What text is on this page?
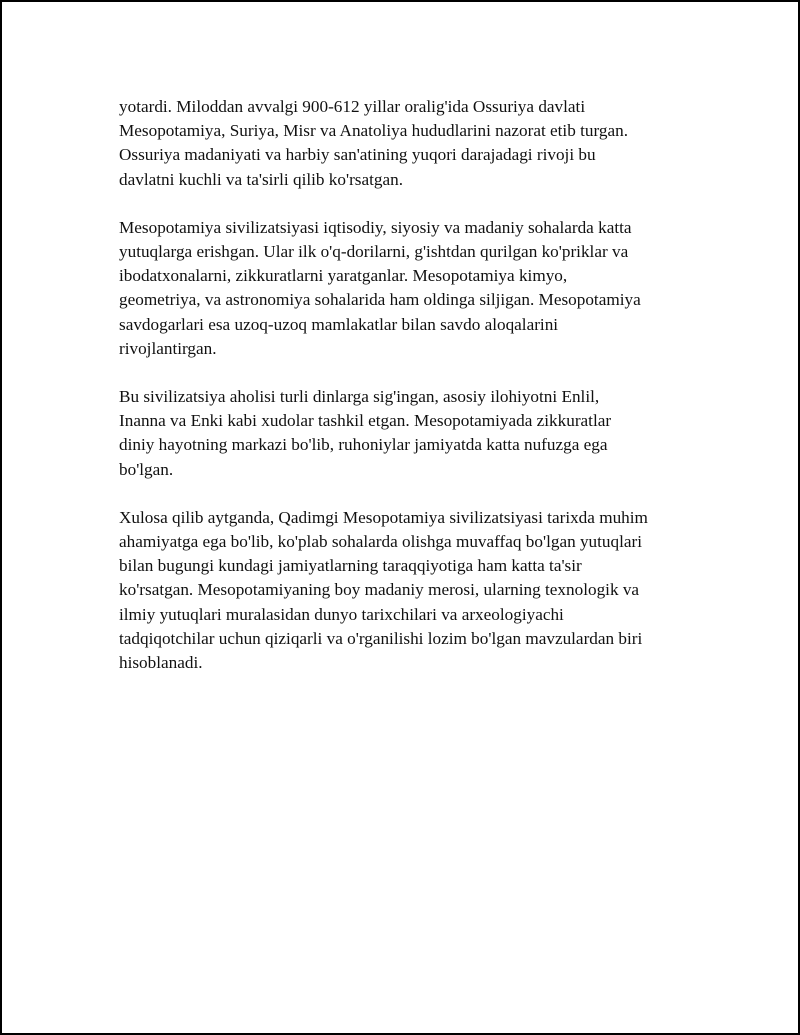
yotardi. Miloddan avvalgi 900-612 yillar oralig'ida Ossuriya davlati
Mesopotamiya, Suriya, Misr va Anatoliya hududlarini nazorat etib turgan.
Ossuriya madaniyati va harbiy san'atining yuqori darajadagi rivoji bu
davlatni kuchli va ta'sirli qilib ko'rsatgan.

Mesopotamiya sivilizatsiyasi iqtisodiy, siyosiy va madaniy sohalarda katta
yutuqlarga erishgan. Ular ilk o'q-dorilarni, g'ishtdan qurilgan ko'priklar va
ibodatxonalarni, zikkuratlarni yaratganlar. Mesopotamiya kimyo,
geometriya, va astronomiya sohalarida ham oldinga siljigan. Mesopotamiya
savdogarlari esa uzoq-uzoq mamlakatlar bilan savdo aloqalarini
rivojlantirgan.

Bu sivilizatsiya aholisi turli dinlarga sig'ingan, asosiy ilohiyotni Enlil,
Inanna va Enki kabi xudolar tashkil etgan. Mesopotamiyada zikkuratlar
diniy hayotning markazi bo'lib, ruhoniylar jamiyatda katta nufuzga ega
bo'lgan.

Xulosa qilib aytganda, Qadimgi Mesopotamiya sivilizatsiyasi tarixda muhim
ahamiyatga ega bo'lib, ko'plab sohalarda olishga muvaffaq bo'lgan yutuqlari
bilan bugungi kundagi jamiyatlarning taraqqiyotiga ham katta ta'sir
ko'rsatgan. Mesopotamiyaning boy madaniy merosi, ularning texnologik va
ilmiy yutuqlari muralasidan dunyo tarixchilari va arxeologiyachi
tadqiqotchilar uchun qiziqarli va o'rganilishi lozim bo'lgan mavzulardan biri
hisoblanadi.
